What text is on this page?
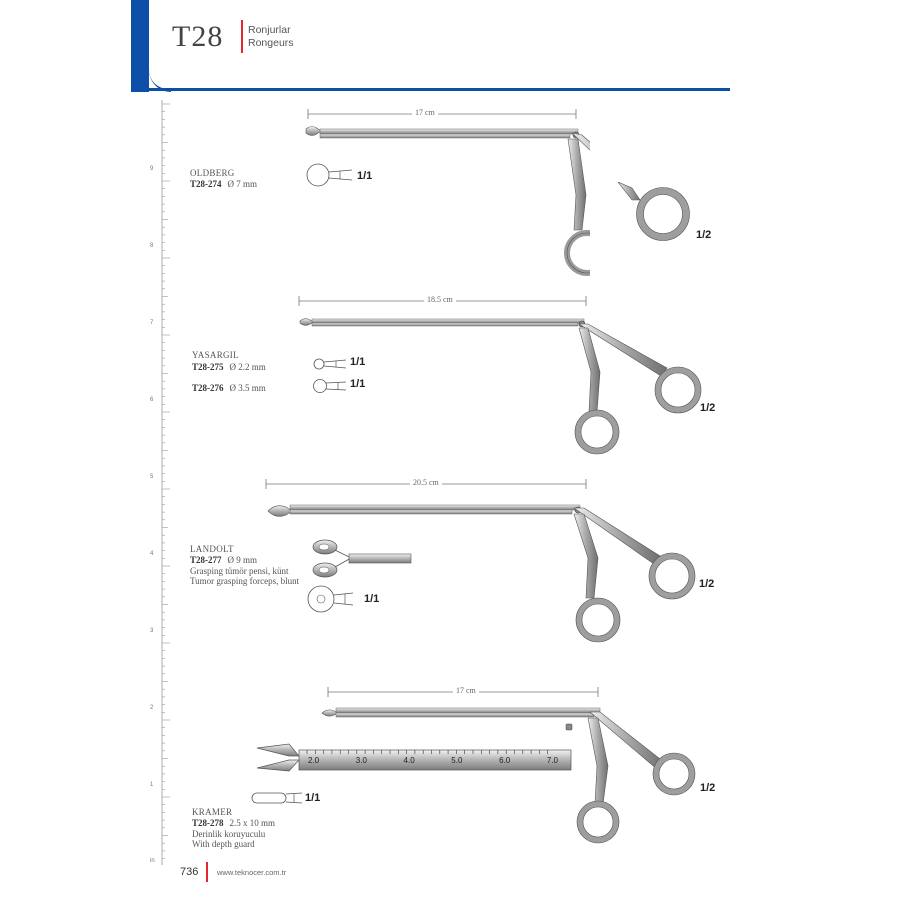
T28 Ronjurlar
Rongeurs
9
8
7
6
5
4
3
2
1
in
OLDBERG
T28-274 Ø 7 mm
17 cm
1/2
1/1
YASARGIL
T28-275 Ø 2.2 mm
T28-276 Ø 3.5 mm
18.5 cm
1/2
1/1
1/1
LANDOLT
T28-277 Ø 9 mm
Grasping tümör pensi, künt
Tumor grasping forceps, blunt
20.5 cm
1/2
1/1
17 cm
1/2
2.0	3.0	4.0	5.0	6.0	7.0
1/1
KRAMER
T28-278 2.5 x 10 mm
Derinlik koruyuculu
With depth guard
736 www.teknocer.com.tr
